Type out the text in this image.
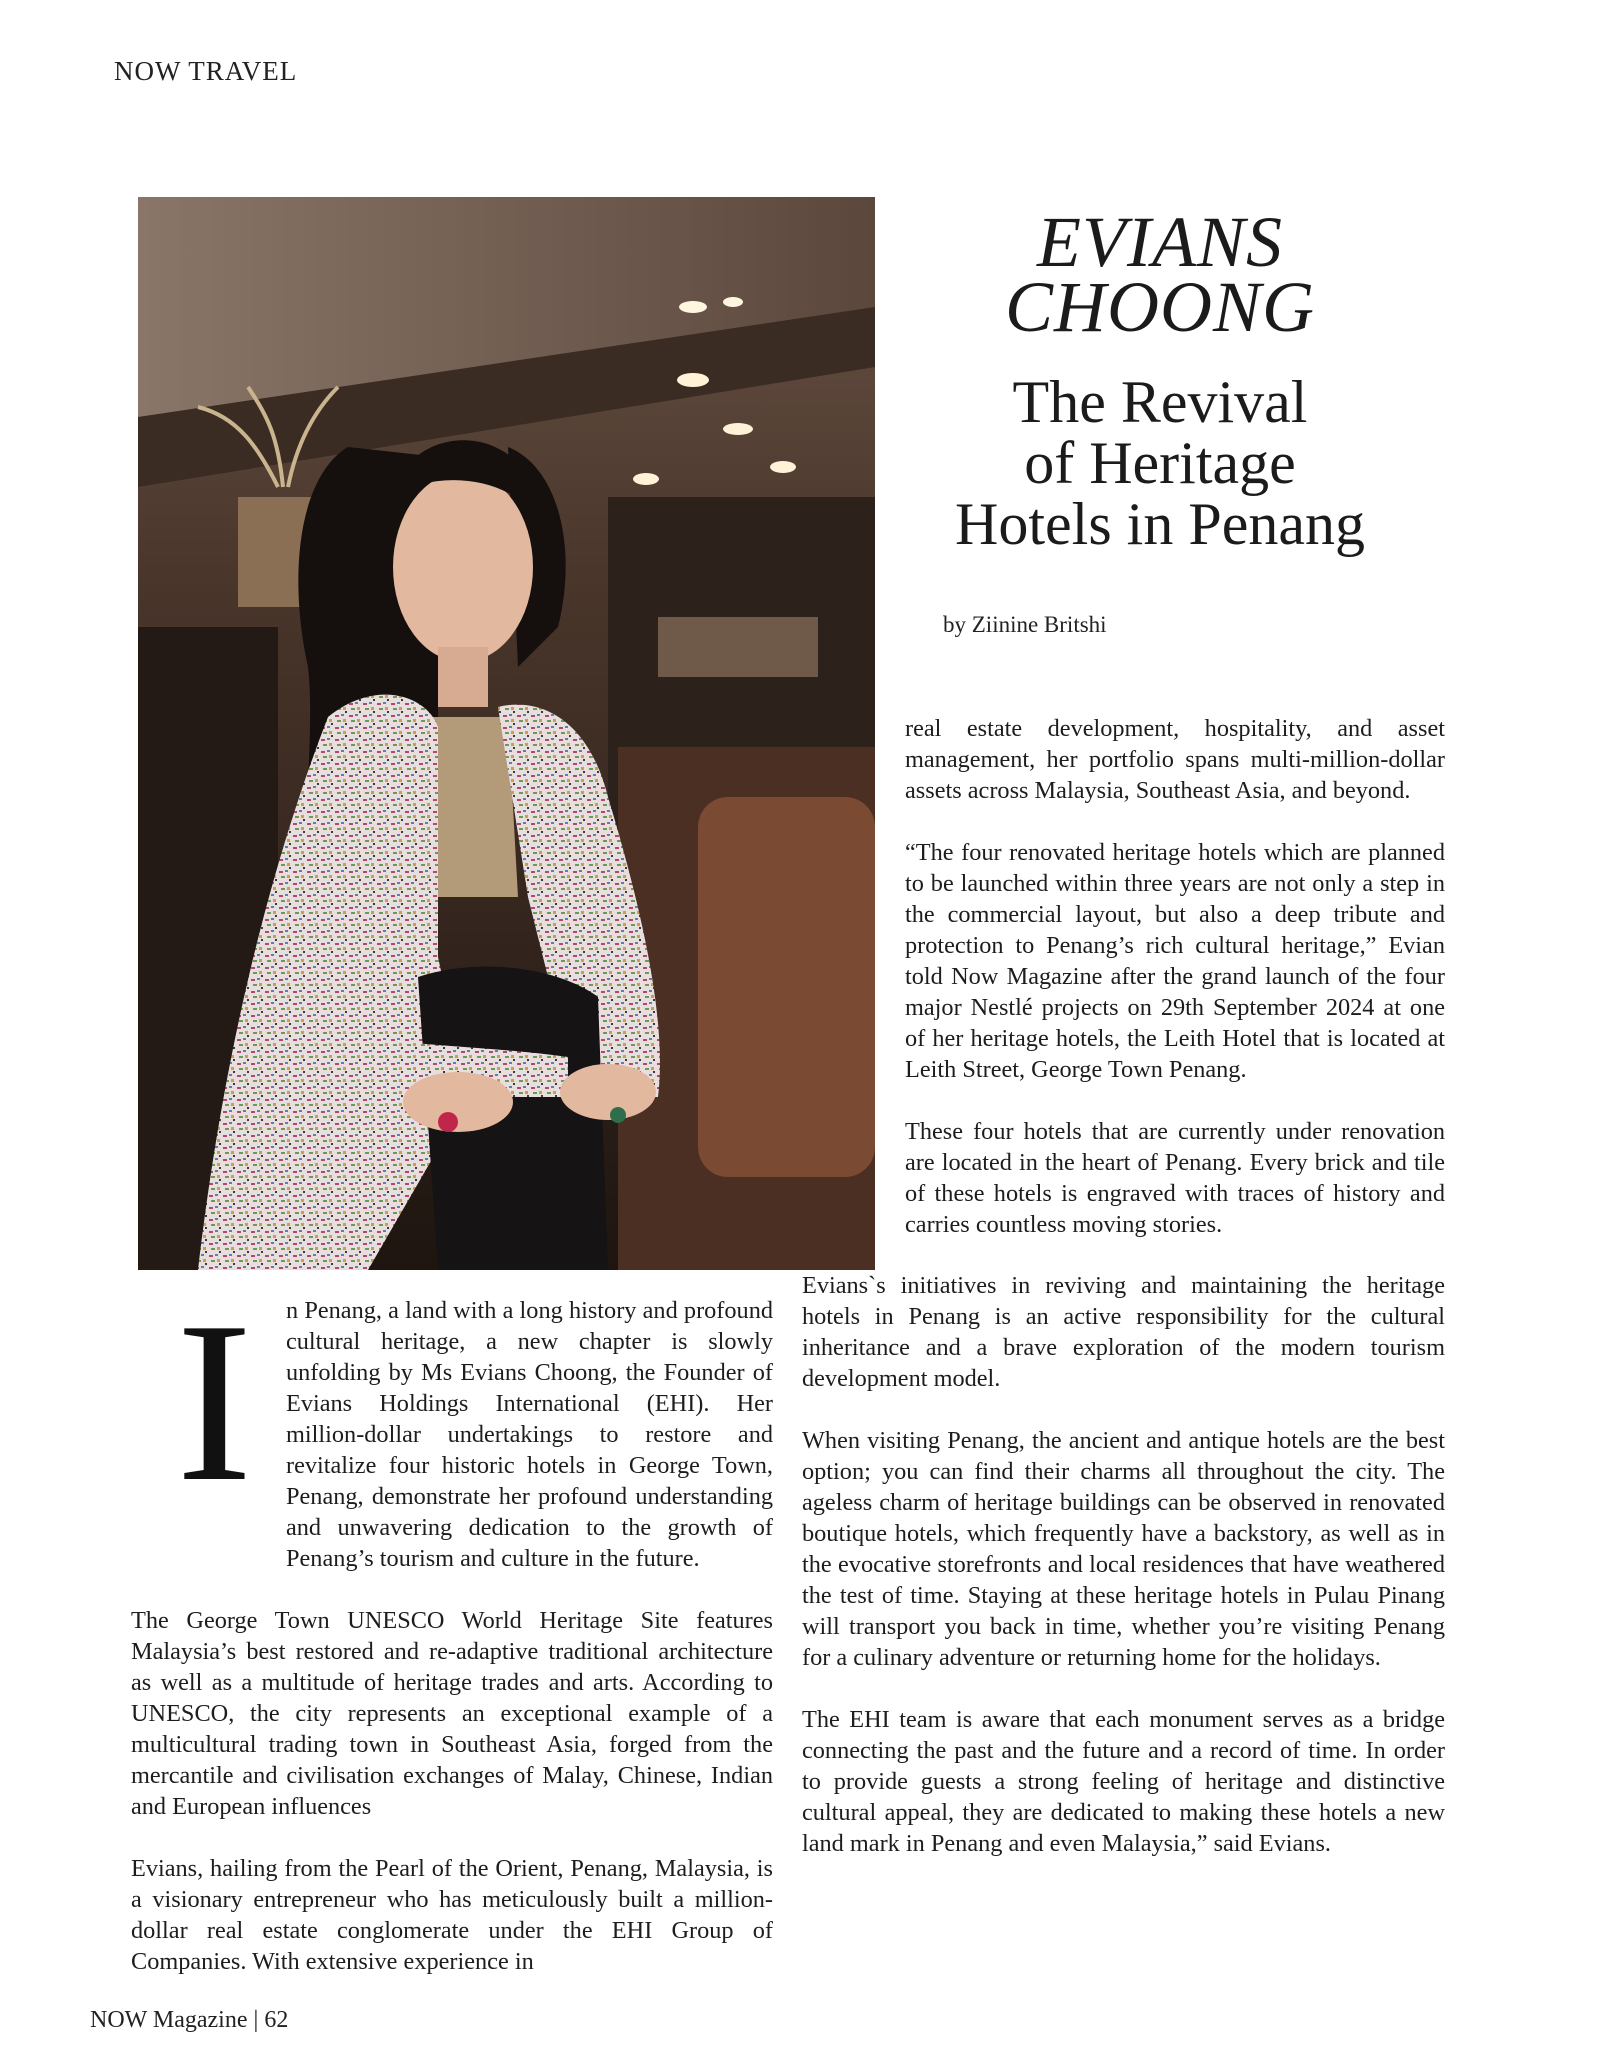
NOW TRAVEL
EVIANS
CHOONG
The Revival
of Heritage
Hotels in Penang
by Ziinine Britshi

real estate development, hospitality, and asset management, her portfolio spans multi-million-dollar assets across Malaysia, Southeast Asia, and beyond.

“The four renovated heritage hotels which are planned to be launched within three years are not only a step in the commercial layout, but also a deep tribute and protection to Penang’s rich cultural heritage,” Evian told Now Magazine after the grand launch of the four major Nestlé projects on 29th September 2024 at one of her heritage hotels, the Leith Hotel that is located at Leith Street, George Town Penang.

These four hotels that are currently under renovation are located in the heart of Penang. Every brick and tile of these hotels is engraved with traces of history and carries countless moving stories.

I	n Penang, a land with a long history and profound cultural heritage, a new chapter is slowly unfolding by Ms Evians Choong, the Founder of Evians Holdings International (EHI). Her million-dollar undertakings to restore and revitalize four historic hotels in George Town, Penang, demonstrate her profound understanding and unwavering dedication to the growth of Penang’s tourism and culture in the future.

The George Town UNESCO World Heritage Site features Malaysia’s best restored and re-adaptive traditional architecture as well as a multitude of heritage trades and arts. According to UNESCO, the city represents an exceptional example of a multicultural trading town in Southeast Asia, forged from the mercantile and civilisation exchanges of Malay, Chinese, Indian and European influences

Evians, hailing from the Pearl of the Orient, Penang, Malaysia, is a visionary entrepreneur who has meticulously built a million-dollar real estate conglomerate under the EHI Group of Companies. With extensive experience in

Evians`s initiatives in reviving and maintaining the heritage hotels in Penang is an active responsibility for the cultural inheritance and a brave exploration of the modern tourism development model.

When visiting Penang, the ancient and antique hotels are the best option; you can find their charms all throughout the city. The ageless charm of heritage buildings can be observed in renovated boutique hotels, which frequently have a backstory, as well as in the evocative storefronts and local residences that have weathered the test of time. Staying at these heritage hotels in Pulau Pinang will transport you back in time, whether you’re visiting Penang for a culinary adventure or returning home for the holidays.

The EHI team is aware that each monument serves as a bridge connecting the past and the future and a record of time. In order to provide guests a strong feeling of heritage and distinctive cultural appeal, they are dedicated to making these hotels a new land mark in Penang and even Malaysia,” said Evians.

NOW Magazine | 62
